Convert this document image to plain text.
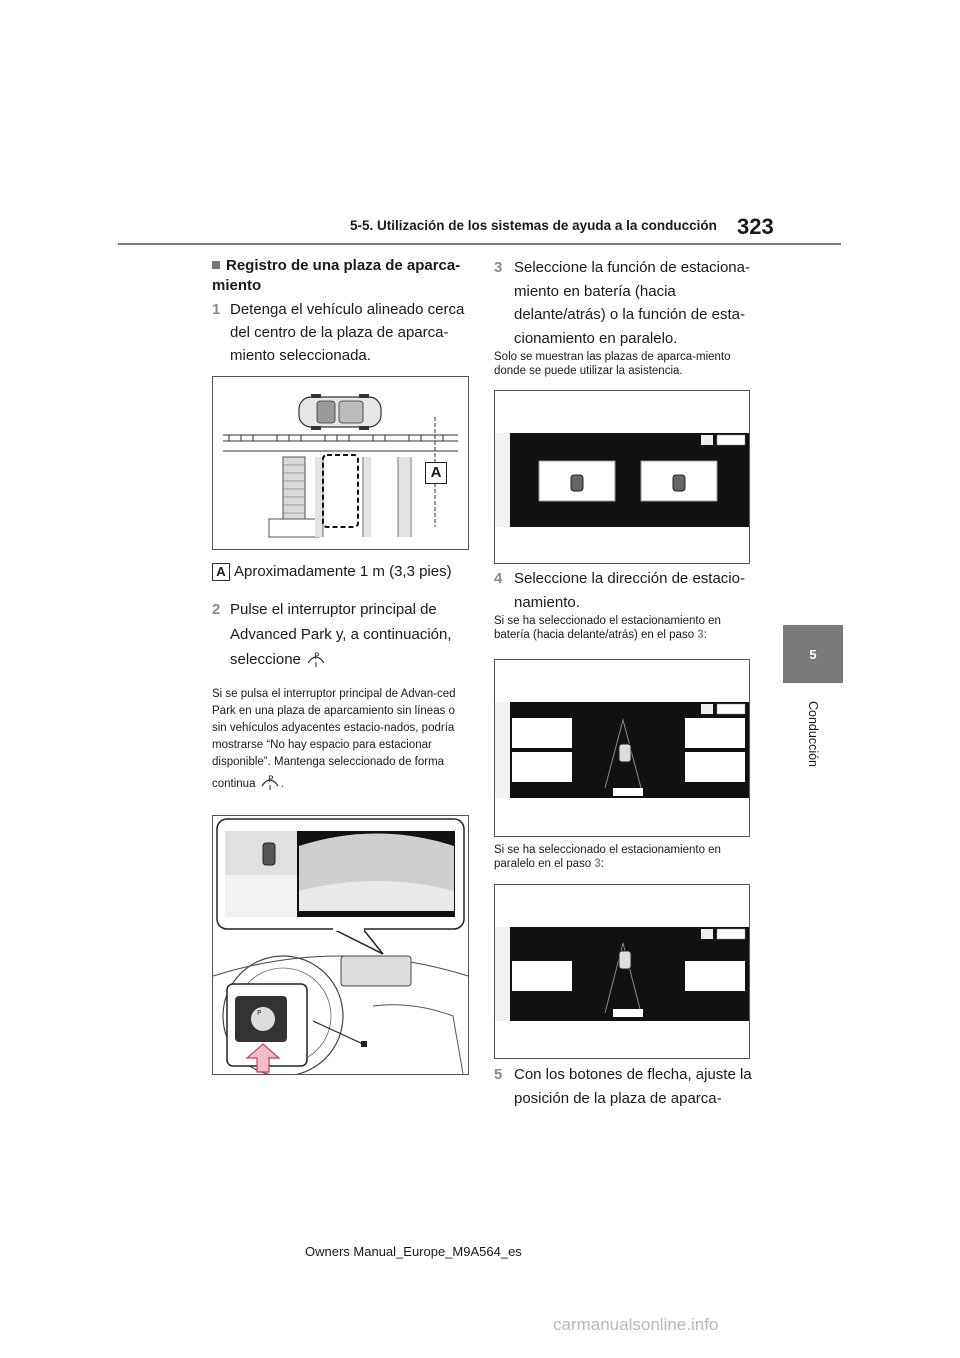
5-5. Utilización de los sistemas de ayuda a la conducción 323
5
Conducción
Registro de una plaza de aparca-miento
1 Detenga el vehículo alineado cerca del centro de la plaza de aparca-miento seleccionada.
A
A Aproximadamente 1 m (3,3 pies)
2 Pulse el interruptor principal de Advanced Park y, a continuación, seleccione P
Si se pulsa el interruptor principal de Advan-ced Park en una plaza de aparcamiento sin líneas o sin vehículos adyacentes estacio-nados, podría mostrarse “No hay espacio para estacionar disponible”. Mantenga seleccionado de forma continua P .
P
3 Seleccione la función de estaciona-miento en batería (hacia delante/atrás) o la función de esta-cionamiento en paralelo.
Solo se muestran las plazas de aparca-miento donde se puede utilizar la asistencia.
4 Seleccione la dirección de estacio-namiento.
Si se ha seleccionado el estacionamiento en batería (hacia delante/atrás) en el paso 3:
Si se ha seleccionado el estacionamiento en paralelo en el paso 3:
5 Con los botones de flecha, ajuste la posición de la plaza de aparca-
Owners Manual_Europe_M9A564_es
carmanualsonline.info
